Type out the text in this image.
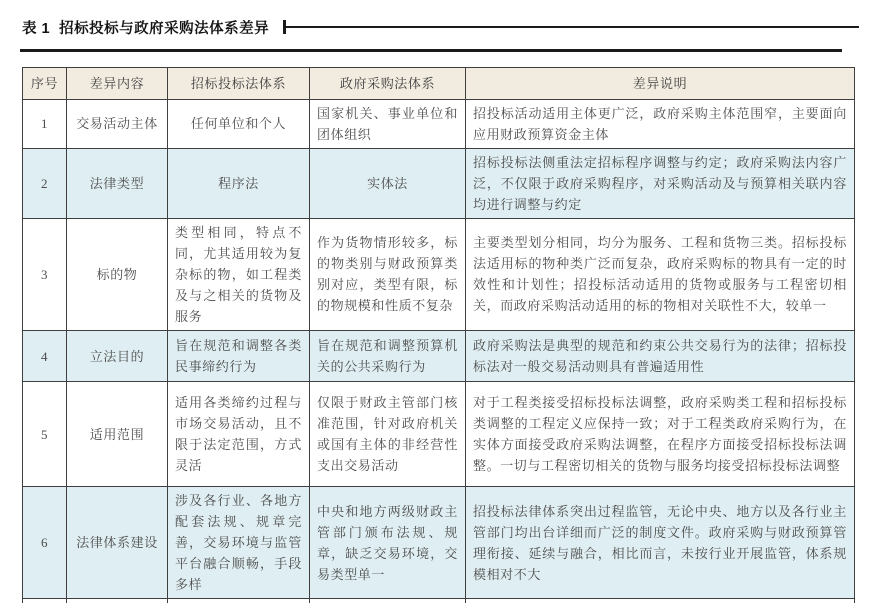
表 1  招标投标与政府采购法体系差异
序号	差异内容	招标投标法体系	政府采购法体系	差异说明
1	交易活动主体	任何单位和个人	国家机关、事业单位和团体组织	招投标活动适用主体更广泛，政府采购主体范围窄，主要面向应用财政预算资金主体
2	法律类型	程序法	实体法	招标投标法侧重法定招标程序调整与约定；政府采购法内容广泛，不仅限于政府采购程序，对采购活动及与预算相关联内容均进行调整与约定
3	标的物	类型相同，特点不同，尤其适用较为复杂标的物，如工程类及与之相关的货物及服务	作为货物情形较多，标的物类别与财政预算类别对应，类型有限，标的物规模和性质不复杂	主要类型划分相同，均分为服务、工程和货物三类。招标投标法适用标的物种类广泛而复杂，政府采购标的物具有一定的时效性和计划性；招投标活动适用的货物或服务与工程密切相关，而政府采购活动适用的标的物相对关联性不大，较单一
4	立法目的	旨在规范和调整各类民事缔约行为	旨在规范和调整预算机关的公共采购行为	政府采购法是典型的规范和约束公共交易行为的法律；招标投标法对一般交易活动则具有普遍适用性
5	适用范围	适用各类缔约过程与市场交易活动，且不限于法定范围，方式灵活	仅限于财政主管部门核准范围，针对政府机关或国有主体的非经营性支出交易活动	对于工程类接受招标投标法调整，政府采购类工程和招标投标类调整的工程定义应保持一致；对于工程类政府采购行为，在实体方面接受政府采购法调整，在程序方面接受招标投标法调整。一切与工程密切相关的货物与服务均接受招标投标法调整
6	法律体系建设	涉及各行业、各地方配套法规、规章完善，交易环境与监管平台融合顺畅，手段多样	中央和地方两级财政主管部门颁布法规、规章，缺乏交易环境，交易类型单一	招投标法律体系突出过程监管，无论中央、地方以及各行业主管部门均出台详细而广泛的制度文件。政府采购与财政预算管理衔接、延续与融合，相比而言，未按行业开展监管，体系规模相对不大
